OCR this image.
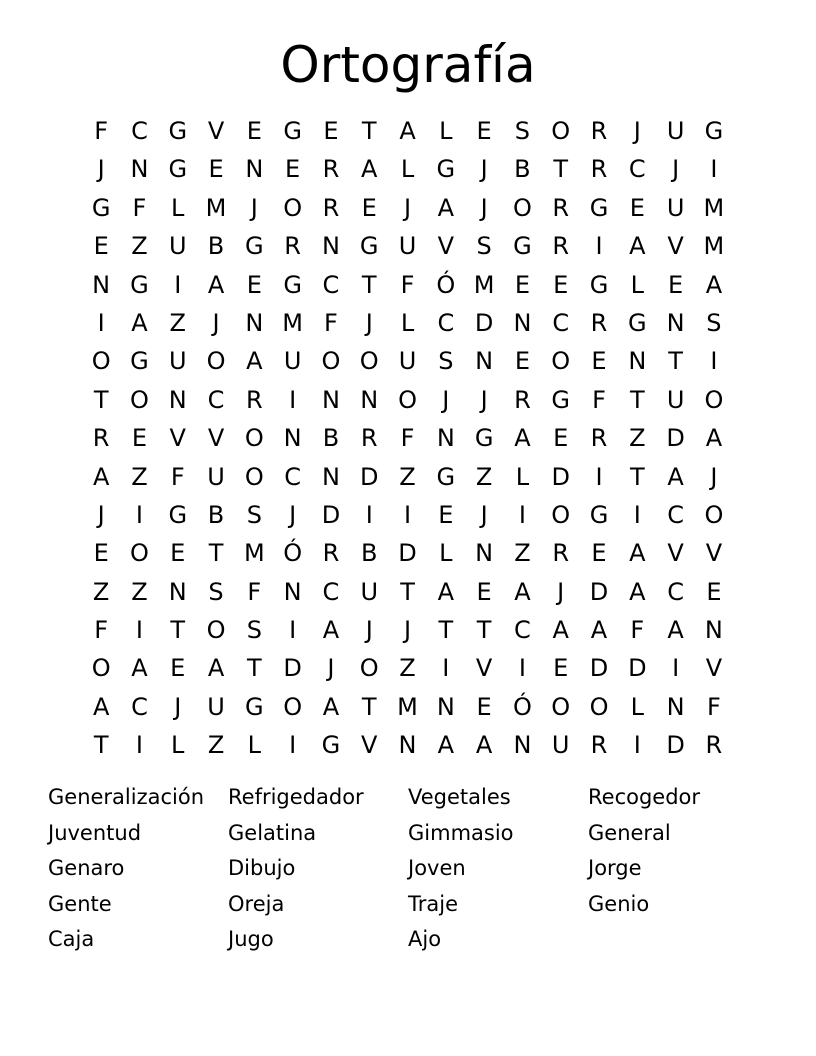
Ortografía
F C G V E G E T A L	E S O R	J	U G
J	N G E N E R A L G	J	B T R C	J	I
G F	L M	J	O R E	J	A	J	O R G E U M
E Z U B G R N G U V S G R	I	A V M
N G	I	A E G C T	F Ó M E E G L	E A
I	A Z	J	N M F	J	L C D N C R G N S
O G U O A U O O U S N E O E N T	I
T O N C R	I	N N O	J	J	R G F	T U O
R E V V O N B R F N G A E R Z D A
A Z F U O C N D Z G Z L D	I	T A	J
J	I	G B S	J	D	I	I	E	J	I	O G	I	C O
E O E T M Ó R B D L N Z R E A V V
Z Z N S F N C U T A E A	J	D A C E
F	I	T O S	I	A	J	J	T T C A A F A N
O A E A T D	J	O Z	I	V	I	E D D	I	V
A C	J	U G O A T M N E Ó O O L N F
T	I	L Z L	I	G V N A A N U R	I	D R
Generalización	Refrigedador	Vegetales	Recogedor
Juventud	Gelatina	Gimmasio	General
Genaro	Dibujo	Joven	Jorge
Gente	Oreja	Traje	Genio
Caja	Jugo	Ajo
